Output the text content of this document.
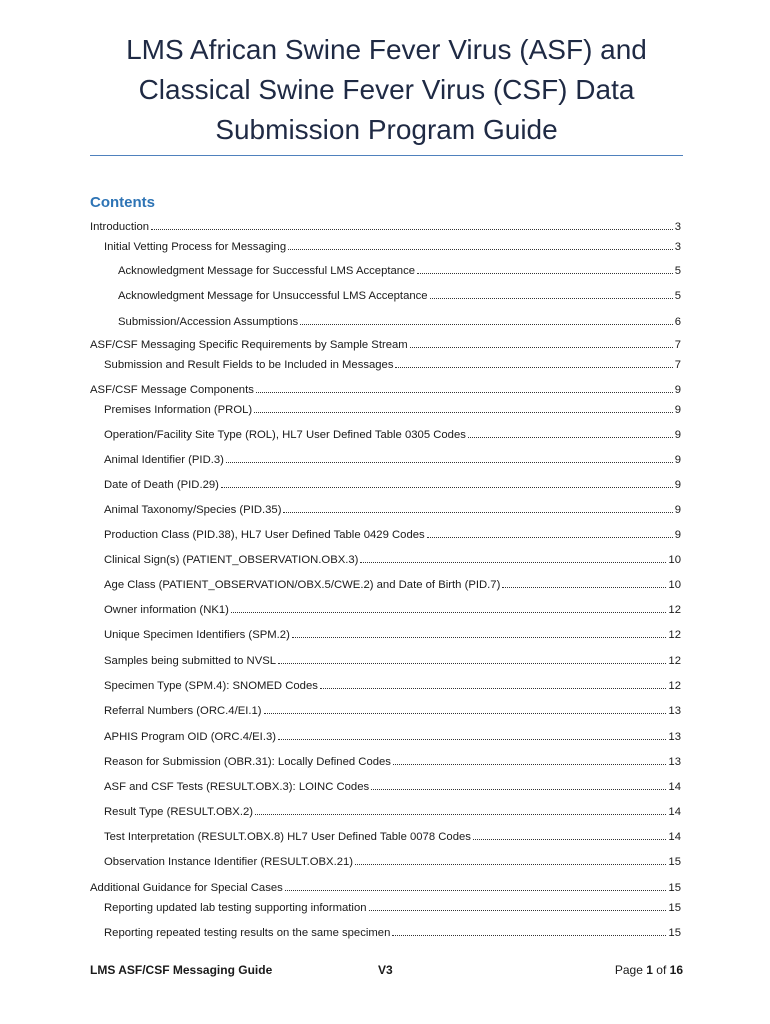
LMS African Swine Fever Virus (ASF) and
Classical Swine Fever Virus (CSF) Data
Submission Program Guide
Contents
Introduction	3
Initial Vetting Process for Messaging	3
Acknowledgment Message for Successful LMS Acceptance	5
Acknowledgment Message for Unsuccessful LMS Acceptance	5
Submission/Accession Assumptions	6
ASF/CSF Messaging Specific Requirements by Sample Stream	7
Submission and Result Fields to be Included in Messages	7
ASF/CSF Message Components	9
Premises Information (PROL)	9
Operation/Facility Site Type (ROL), HL7 User Defined Table 0305 Codes	9
Animal Identifier (PID.3)	9
Date of Death (PID.29)	9
Animal Taxonomy/Species (PID.35)	9
Production Class (PID.38), HL7 User Defined Table 0429 Codes	9
Clinical Sign(s) (PATIENT_OBSERVATION.OBX.3)	10
Age Class (PATIENT_OBSERVATION/OBX.5/CWE.2) and Date of Birth (PID.7)	10
Owner information (NK1)	12
Unique Specimen Identifiers (SPM.2)	12
Samples being submitted to NVSL	12
Specimen Type (SPM.4): SNOMED Codes	12
Referral Numbers (ORC.4/EI.1)	13
APHIS Program OID (ORC.4/EI.3)	13
Reason for Submission (OBR.31): Locally Defined Codes	13
ASF and CSF Tests (RESULT.OBX.3): LOINC Codes	14
Result Type (RESULT.OBX.2)	14
Test Interpretation (RESULT.OBX.8) HL7 User Defined Table 0078 Codes	14
Observation Instance Identifier (RESULT.OBX.21)	15
Additional Guidance for Special Cases	15
Reporting updated lab testing supporting information	15
Reporting repeated testing results on the same specimen	15
LMS ASF/CSF Messaging Guide	V3	Page 1 of 16
